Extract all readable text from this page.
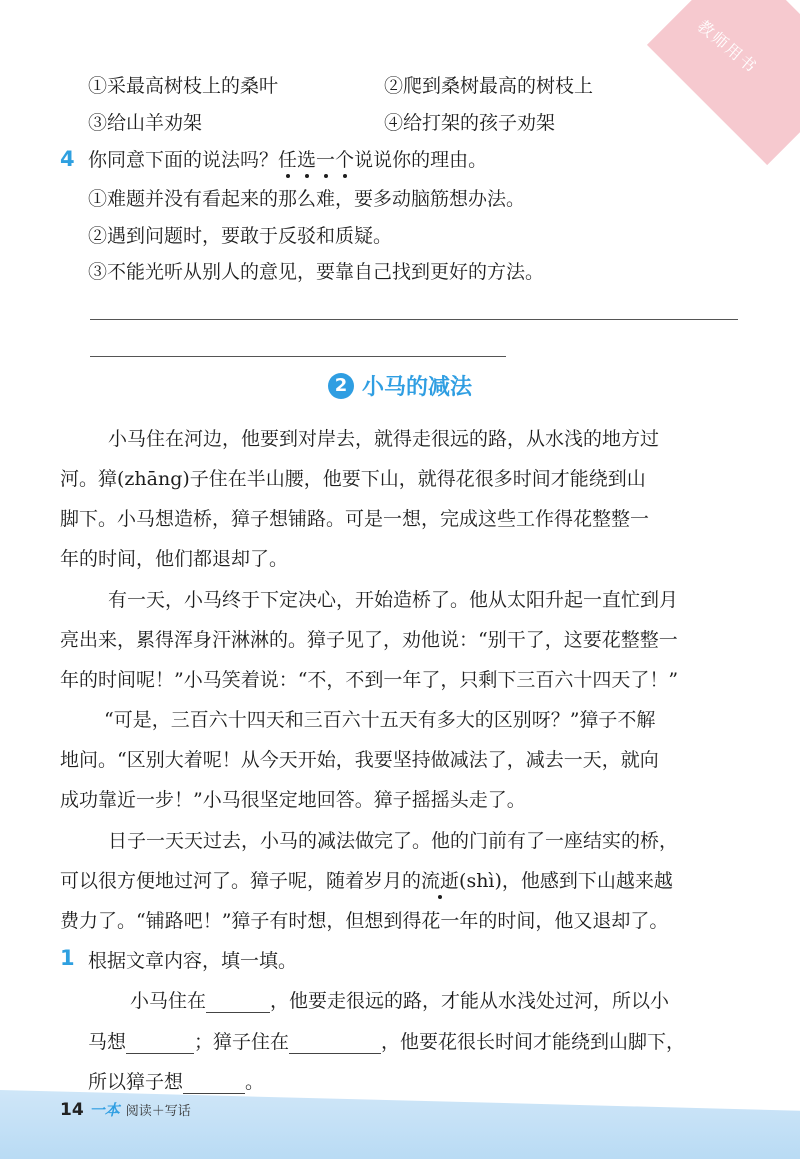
教师用书
①采最高树枝上的桑叶	②爬到桑树最高的树枝上
③给山羊劝架	④给打架的孩子劝架
4 你同意下面的说法吗？任选一个说说你的理由。
①难题并没有看起来的那么难，要多动脑筋想办法。
②遇到问题时，要敢于反驳和质疑。
③不能光听从别人的意见，要靠自己找到更好的方法。
2 小马的减法
小马住在河边，他要到对岸去，就得走很远的路，从水浅的地方过
河。獐(zhāng)子住在半山腰，他要下山，就得花很多时间才能绕到山
脚下。小马想造桥，獐子想铺路。可是一想，完成这些工作得花整整一
年的时间，他们都退却了。
有一天，小马终于下定决心，开始造桥了。他从太阳升起一直忙到月
亮出来，累得浑身汗淋淋的。獐子见了，劝他说：“别干了，这要花整整一
年的时间呢！”小马笑着说：“不，不到一年了，只剩下三百六十四天了！”
“可是，三百六十四天和三百六十五天有多大的区别呀？”獐子不解
地问。“区别大着呢！从今天开始，我要坚持做减法了，减去一天，就向
成功靠近一步！”小马很坚定地回答。獐子摇摇头走了。
日子一天天过去，小马的减法做完了。他的门前有了一座结实的桥，
可以很方便地过河了。獐子呢，随着岁月的流逝(shì)，他感到下山越来越
费力了。“铺路吧！”獐子有时想，但想到得花一年的时间，他又退却了。
1 根据文章内容，填一填。
小马住在	，他要走很远的路，才能从水浅处过河，所以小
马想	；獐子住在	，他要花很长时间才能绕到山脚下，
所以獐子想	。
14 一本 阅读＋写话
